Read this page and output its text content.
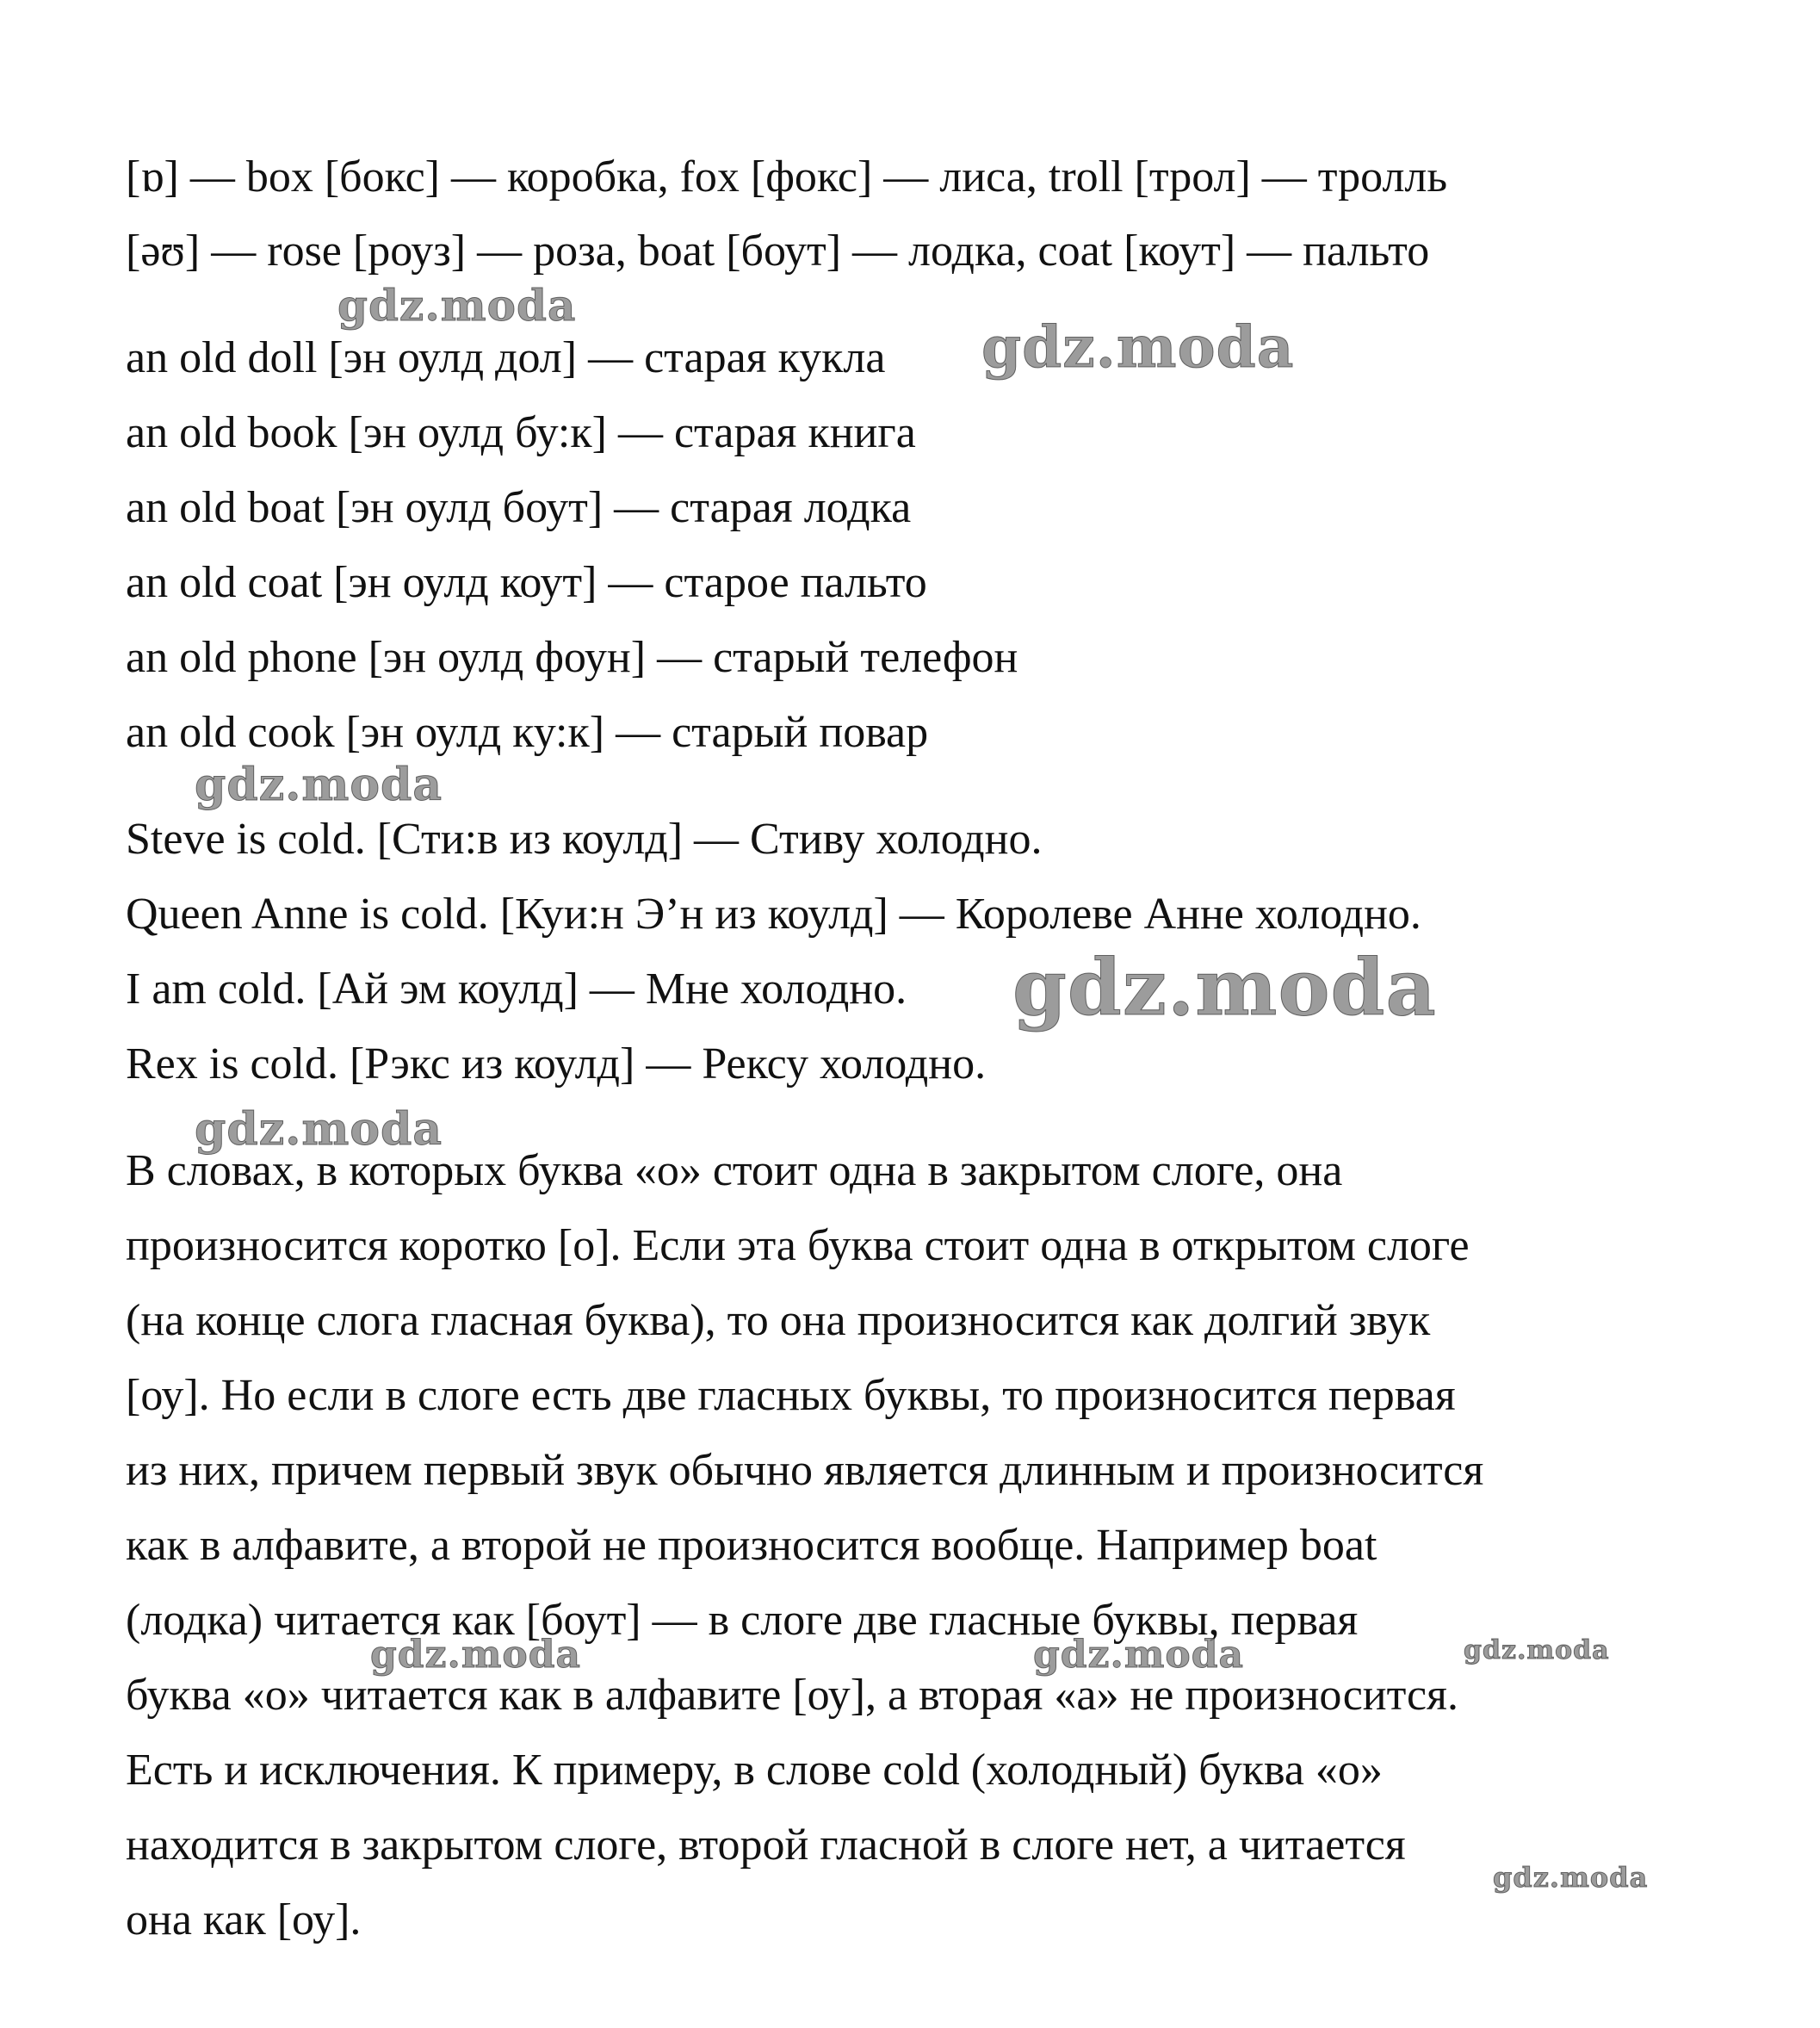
[ɒ] — box [бокс] — коробка, fox [фокс] — лиса, troll [трол] — тролль
[əʊ] — rose [роуз] — роза, boat [боут] — лодка, coat [коут] — пальто
an old doll [эн оулд дол] — старая кукла
an old book [эн оулд бу:к] — старая книга
an old boat [эн оулд боут] — старая лодка
an old coat [эн оулд коут] — старое пальто
an old phone [эн оулд фоун] — старый телефон
an old cook [эн оулд ку:к] — старый повар
Steve is cold. [Сти:в из коулд] — Стиву холодно.
Queen Anne is cold. [Куи:н Э’н из коулд] — Королеве Анне холодно.
I am cold. [Ай эм коулд] — Мне холодно.
Rex is cold. [Рэкс из коулд] — Рексу холодно.
В словах, в которых буква «о» стоит одна в закрытом слоге, она
произносится коротко [о]. Если эта буква стоит одна в открытом слоге
(на конце слога гласная буква), то она произносится как долгий звук
[оу]. Но если в слоге есть две гласных буквы, то произносится первая
из них, причем первый звук обычно является длинным и произносится
как в алфавите, а второй не произносится вообще. Например boat
(лодка) читается как [боут] — в слоге две гласные буквы, первая
буква «о» читается как в алфавите [оу], а вторая «а» не произносится.
Есть и исключения. К примеру, в слове cold (холодный) буква «о»
находится в закрытом слоге, второй гласной в слоге нет, а читается
она как [оу].
gdz.moda
gdz.moda
gdz.moda
gdz.moda
gdz.moda
gdz.moda	gdz.moda	gdz.moda
gdz.moda
